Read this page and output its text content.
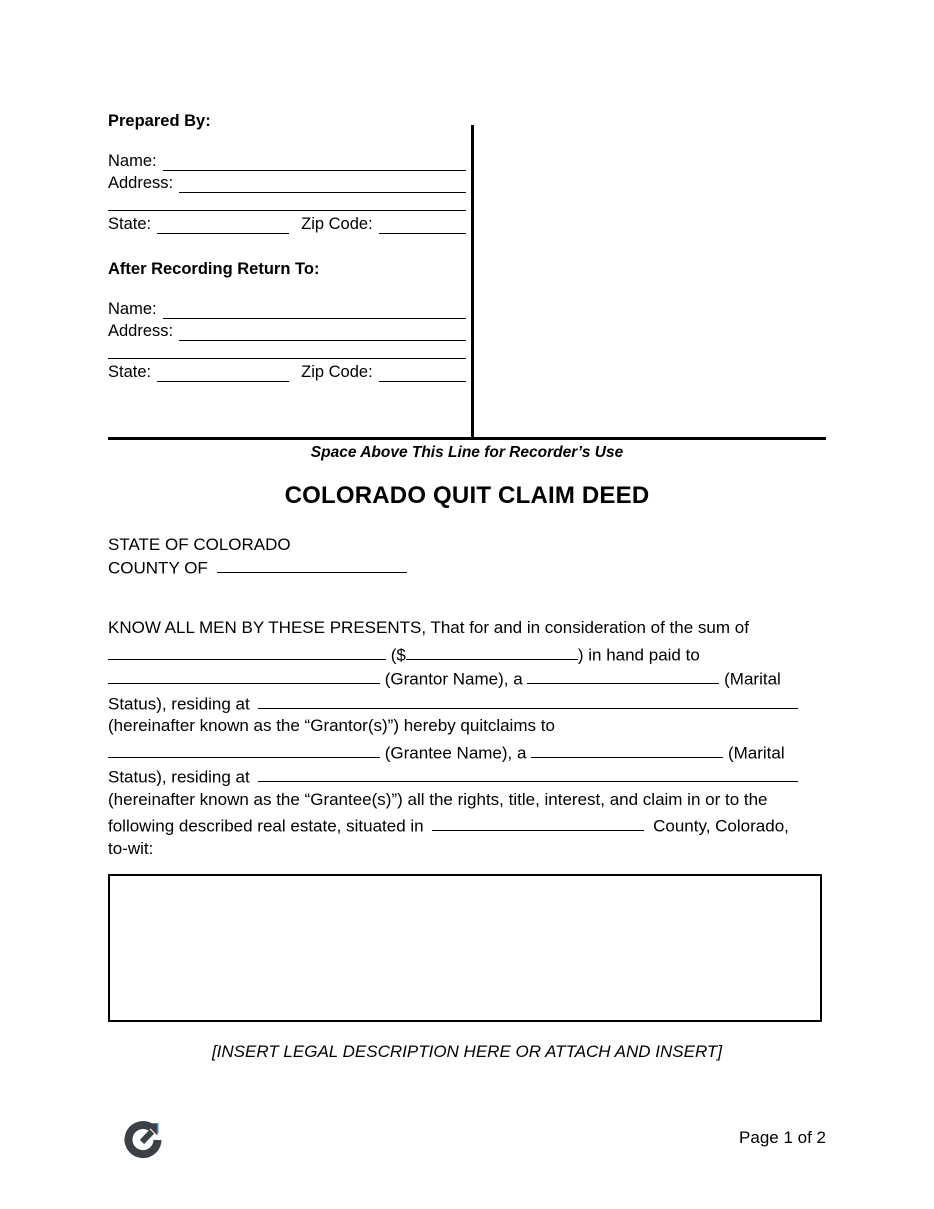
Prepared By:
Name:
Address:
State:	Zip Code:
After Recording Return To:
Name:
Address:
State:	Zip Code:
Space Above This Line for Recorder’s Use
COLORADO QUIT CLAIM DEED
STATE OF COLORADO
COUNTY OF
KNOW ALL MEN BY THESE PRESENTS, That for and in consideration of the sum of
($	) in hand paid to
(Grantor Name), a	(Marital
Status), residing at
(hereinafter known as the “Grantor(s)”) hereby quitclaims to
(Grantee Name), a	(Marital
Status), residing at
(hereinafter known as the “Grantee(s)”) all the rights, title, interest, and claim in or to the
following described real estate, situated in	County, Colorado,
to-wit:
[INSERT LEGAL DESCRIPTION HERE OR ATTACH AND INSERT]
Page 1 of 2
